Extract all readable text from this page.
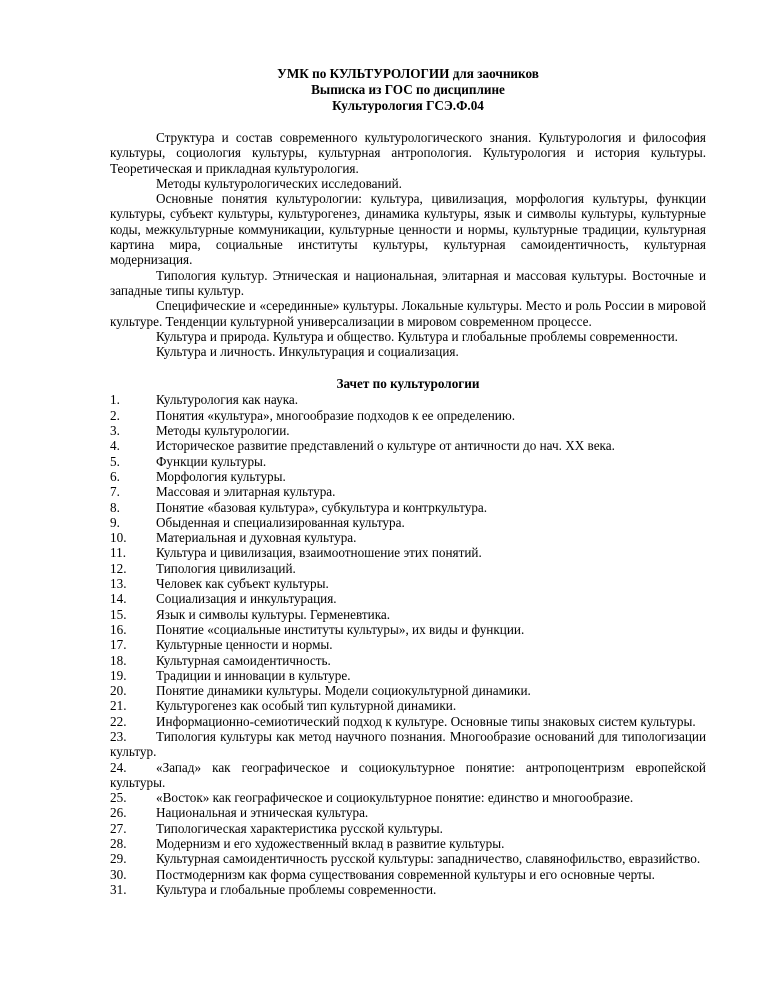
УМК по КУЛЬТУРОЛОГИИ для заочников
Выписка из ГОС по дисциплине
Культурология ГСЭ.Ф.04

Структура и состав современного культурологического знания. Культурология и философия культуры, социология культуры, культурная антропология. Культурология и история культуры. Теоретическая и прикладная культурология.

Методы культурологических исследований.

Основные понятия культурологии: культура, цивилизация, морфология культуры, функции культуры, субъект культуры, культурогенез, динамика культуры, язык и символы культуры, культурные коды, межкультурные коммуникации, культурные ценности и нормы, культурные традиции, культурная картина мира, социальные институты культуры, культурная самоидентичность, культурная модернизация.

Типология культур. Этническая и национальная, элитарная и массовая культуры. Восточные и западные типы культур.

Специфические и «серединные» культуры. Локальные культуры. Место и роль России в мировой культуре. Тенденции культурной универсализации в мировом современном процессе.

Культура и природа. Культура и общество. Культура и глобальные проблемы современности.

Культура и личность. Инкультурация и социализация.

Зачет по культурологии
1.	Культурология как наука.
2.	Понятия «культура», многообразие подходов к ее определению.
3.	Методы культурологии.
4.	Историческое развитие представлений о культуре от античности до нач. XX века.
5.	Функции культуры.
6.	Морфология культуры.
7.	Массовая и элитарная культура.
8.	Понятие «базовая культура», субкультура и контркультура.
9.	Обыденная и специализированная культура.
10. Материальная и духовная культура.
11. Культура и цивилизация, взаимоотношение этих понятий.
12. Типология цивилизаций.
13. Человек как субъект культуры.
14. Социализация и инкультурация.
15. Язык и символы культуры. Герменевтика.
16. Понятие «социальные институты культуры», их виды и функции.
17. Культурные ценности и нормы.
18. Культурная самоидентичность.
19. Традиции и инновации в культуре.
20. Понятие динамики культуры. Модели социокультурной динамики.
21. Культурогенез как особый тип культурной динамики.
22. Информационно-семиотический подход к культуре. Основные типы знаковых систем культуры.
23. Типология культуры как метод научного познания. Многообразие оснований для типологизации культур.
24. «Запад» как географическое и социокультурное понятие: антропоцентризм европейской культуры.
25. «Восток» как географическое и социокультурное понятие: единство и многообразие.
26. Национальная и этническая культура.
27. Типологическая характеристика русской культуры.
28. Модернизм и его художественный вклад в развитие культуры.
29. Культурная самоидентичность русской культуры: западничество, славянофильство, евразийство.
30. Постмодернизм как форма существования современной культуры и его основные черты.
31. Культура и глобальные проблемы современности.
